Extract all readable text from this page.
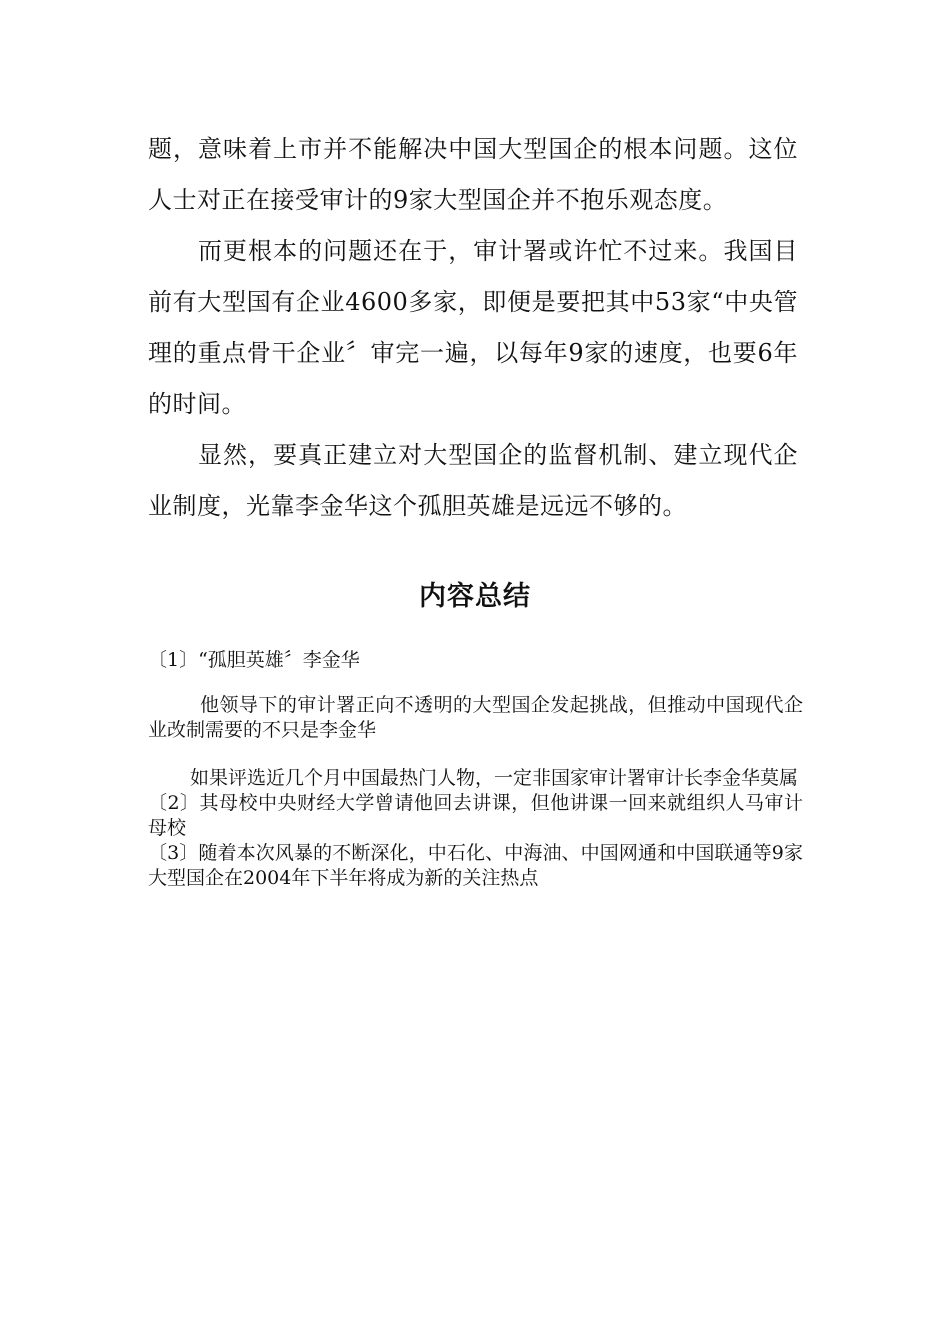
题，意味着上市并不能解决中国大型国企的根本问题。这位人士对正在接受审计的9家大型国企并不抱乐观态度。

而更根本的问题还在于，审计署或许忙不过来。我国目前有大型国有企业4600多家，即便是要把其中53家“中央管理的重点骨干企业〞审完一遍，以每年9家的速度，也要6年的时间。

显然，要真正建立对大型国企的监督机制、建立现代企业制度，光靠李金华这个孤胆英雄是远远不够的。

内容总结

〔1〕“孤胆英雄〞李金华

他领导下的审计署正向不透明的大型国企发起挑战，但推动中国现代企业改制需要的不只是李金华

如果评选近几个月中国最热门人物，一定非国家审计署审计长李金华莫属

〔2〕其母校中央财经大学曾请他回去讲课，但他讲课一回来就组织人马审计母校

〔3〕随着本次风暴的不断深化，中石化、中海油、中国网通和中国联通等9家大型国企在2004年下半年将成为新的关注热点
